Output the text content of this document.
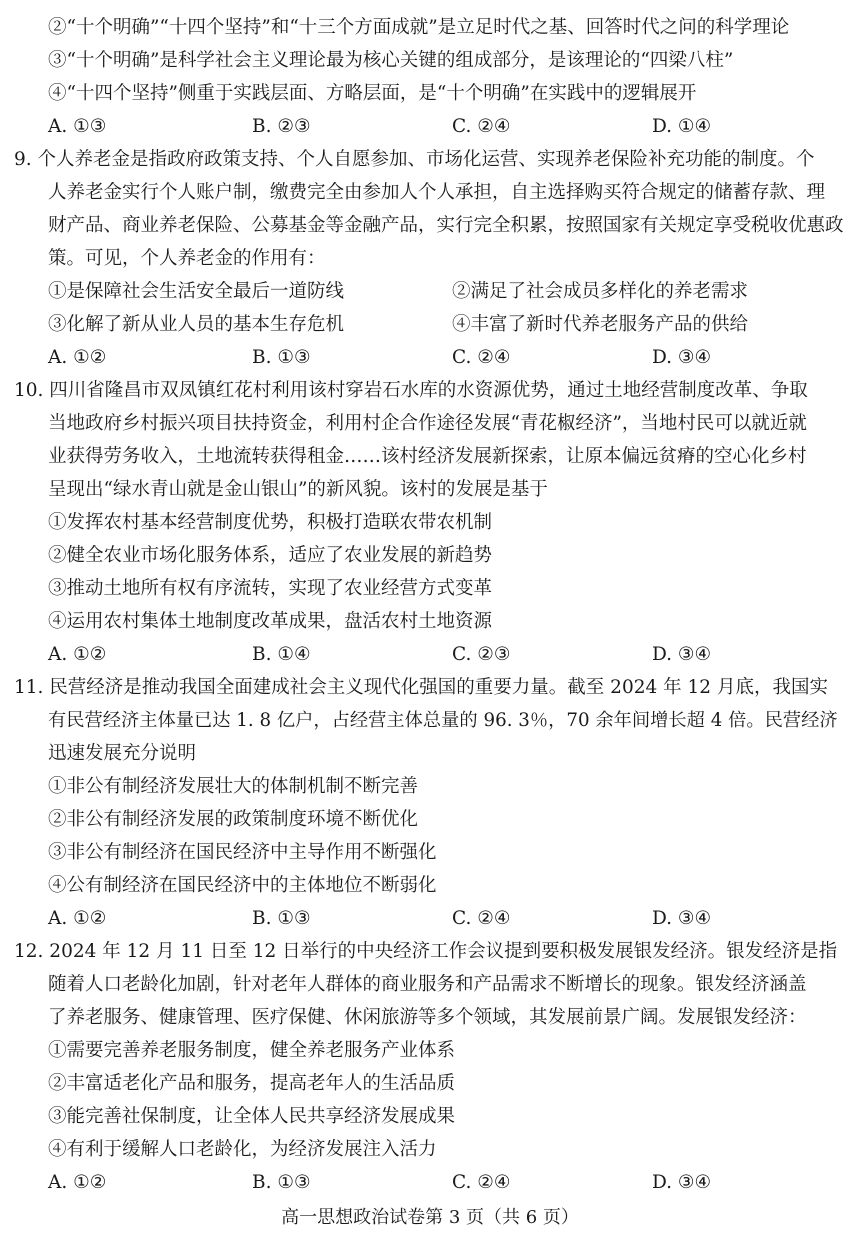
②“十个明确”“十四个坚持”和“十三个方面成就”是立足时代之基、回答时代之问的科学理论
③“十个明确”是科学社会主义理论最为核心关键的组成部分，是该理论的“四梁八柱”
④“十四个坚持”侧重于实践层面、方略层面，是“十个明确”在实践中的逻辑展开
A. ①③	B. ②③	C. ②④	D. ①④
9. 个人养老金是指政府政策支持、个人自愿参加、市场化运营、实现养老保险补充功能的制度。个
人养老金实行个人账户制，缴费完全由参加人个人承担，自主选择购买符合规定的储蓄存款、理
财产品、商业养老保险、公募基金等金融产品，实行完全积累，按照国家有关规定享受税收优惠政
策。可见，个人养老金的作用有：
①是保障社会生活安全最后一道防线	②满足了社会成员多样化的养老需求
③化解了新从业人员的基本生存危机	④丰富了新时代养老服务产品的供给
A. ①②	B. ①③	C. ②④	D. ③④
10. 四川省隆昌市双凤镇红花村利用该村穿岩石水库的水资源优势，通过土地经营制度改革、争取
当地政府乡村振兴项目扶持资金，利用村企合作途径发展“青花椒经济”，当地村民可以就近就
业获得劳务收入，土地流转获得租金……该村经济发展新探索，让原本偏远贫瘠的空心化乡村
呈现出“绿水青山就是金山银山”的新风貌。该村的发展是基于
①发挥农村基本经营制度优势，积极打造联农带农机制
②健全农业市场化服务体系，适应了农业发展的新趋势
③推动土地所有权有序流转，实现了农业经营方式变革
④运用农村集体土地制度改革成果，盘活农村土地资源
A. ①②	B. ①④	C. ②③	D. ③④
11. 民营经济是推动我国全面建成社会主义现代化强国的重要力量。截至 2024 年 12 月底，我国实
有民营经济主体量已达 1. 8 亿户，占经营主体总量的 96. 3％，70 余年间增长超 4 倍。民营经济
迅速发展充分说明
①非公有制经济发展壮大的体制机制不断完善
②非公有制经济发展的政策制度环境不断优化
③非公有制经济在国民经济中主导作用不断强化
④公有制经济在国民经济中的主体地位不断弱化
A. ①②	B. ①③	C. ②④	D. ③④
12. 2024 年 12 月 11 日至 12 日举行的中央经济工作会议提到要积极发展银发经济。银发经济是指
随着人口老龄化加剧，针对老年人群体的商业服务和产品需求不断增长的现象。银发经济涵盖
了养老服务、健康管理、医疗保健、休闲旅游等多个领域，其发展前景广阔。发展银发经济：
①需要完善养老服务制度，健全养老服务产业体系
②丰富适老化产品和服务，提高老年人的生活品质
③能完善社保制度，让全体人民共享经济发展成果
④有利于缓解人口老龄化，为经济发展注入活力
A. ①②	B. ①③	C. ②④	D. ③④
高一思想政治试卷第 3 页（共 6 页）
